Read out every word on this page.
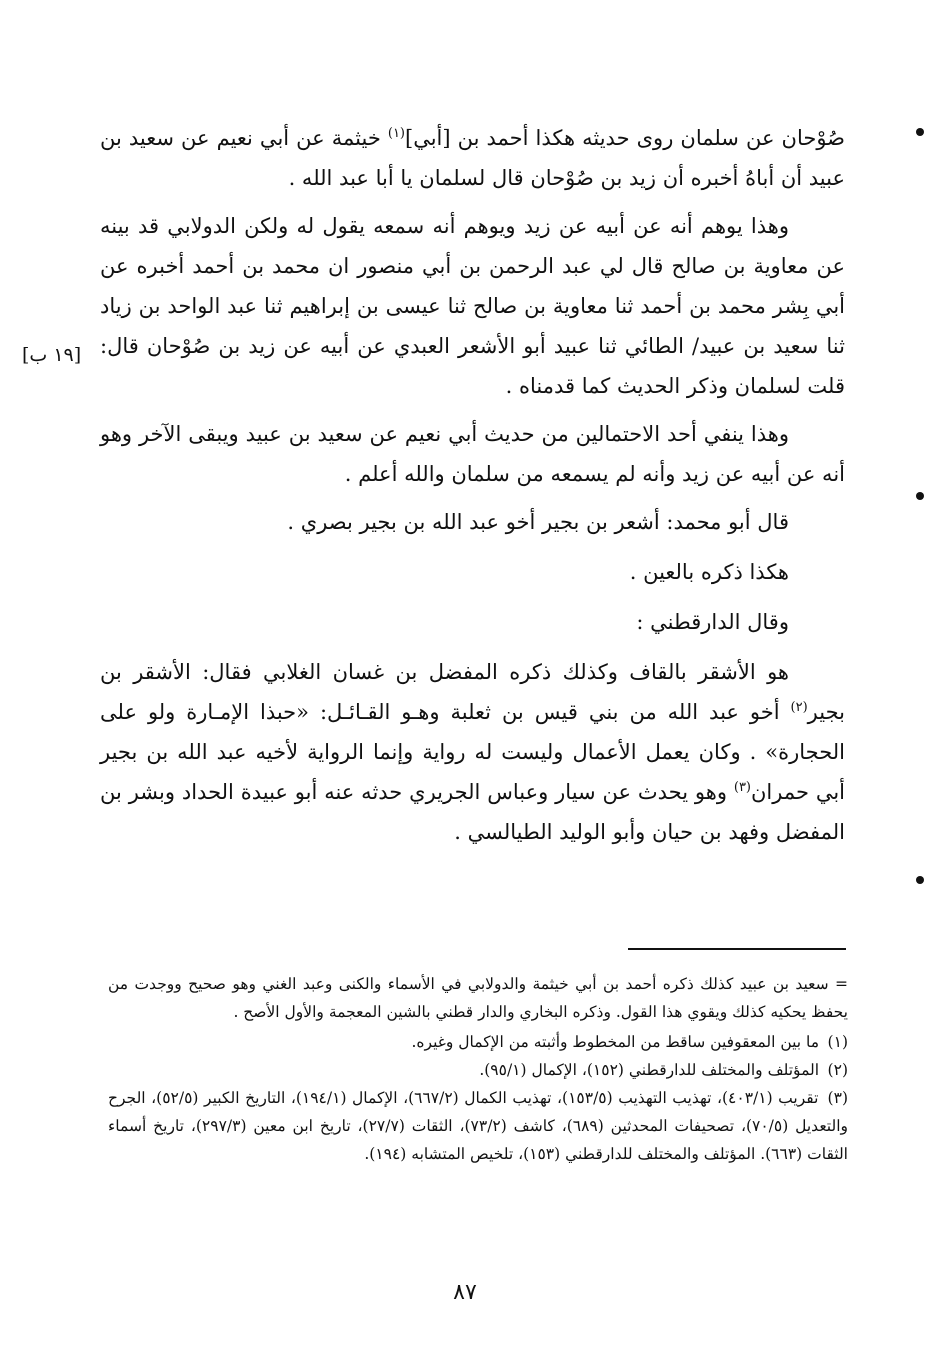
[١٩ ب]

صُوْحان عن سلمان روى حديثه هكذا أحمد بن [أبي]$^{(١)}$ خيثمة عن أبي نعيم عن سعيد بن عبيد أن أباهُ أخبره أن زيد بن صُوْحان قال لسلمان يا أبا عبد الله .

وهذا يوهم أنه عن أبيه عن زيد ويوهم أنه سمعه يقول له ولكن الدولابي قد بينه عن معاوية بن صالح قال لي عبد الرحمن بن أبي منصور ان محمد بن أحمد أخبره عن أبي بِشر محمد بن أحمد ثنا معاوية بن صالح ثنا عيسى بن إبراهيم ثنا عبد الواحد بن زياد ثنا سعيد بن عبيد/ الطائي ثنا عبيد أبو الأشعر العبدي عن أبيه عن زيد بن صُوْحان قال: قلت لسلمان وذكر الحديث كما قدمناه .

وهذا ينفي أحد الاحتمالين من حديث أبي نعيم عن سعيد بن عبيد ويبقى الآخر وهو أنه عن أبيه عن زيد وأنه لم يسمعه من سلمان والله أعلم .

قال أبو محمد: أشعر بن بجير أخو عبد الله بن بجير بصري .

هكذا ذكره بالعين .

وقال الدارقطني :

هو الأشقر بالقاف وكذلك ذكره المفضل بن غسان الغلابي فقال: الأشقر بن بجير$^{(٢)}$ أخو عبد الله من بني قيس بن ثعلبة وهـو القـائـل: «حبذا الإمـارة ولو على الحجارة» . وكان يعمل الأعمال وليست له رواية وإنما الرواية لأخيه عبد الله بن بجير أبي حمران$^{(٣)}$ وهو يحدث عن سيار وعباس الجريري حدثه عنه أبو عبيدة الحداد وبشر بن المفضل وفهد بن حيان وأبو الوليد الطيالسي .

= سعيد بن عبيد كذلك ذكره أحمد بن أبي خيثمة والدولابي في الأسماء والكنى وعبد الغني وهو صحيح ووجدت من يحفظ يحكيه كذلك ويقوي هذا القول. وذكره البخاري والدار قطني بالشين المعجمة والأول الأصح .

(١) ما بين المعقوفين ساقط من المخطوط وأثبته من الإكمال وغيره.

(٢) المؤتلف والمختلف للدارقطني (١٥٢)، الإكمال (٩٥/١).

(٣) تقريب (٤٠٣/١)، تهذيب التهذيب (١٥٣/٥)، تهذيب الكمال (٦٦٧/٢)، الإكمال (١٩٤/١)، التاريخ الكبير (٥٢/٥)، الجرح والتعديل (٧٠/٥)، تصحيفات المحدثين (٦٨٩)، كاشف (٧٣/٢)، الثقات (٢٧/٧)، تاريخ ابن معين (٢٩٧/٣)، تاريخ أسماء الثقات (٦٦٣). المؤتلف والمختلف للدارقطني (١٥٣)، تلخيص المتشابه (١٩٤).

٨٧
